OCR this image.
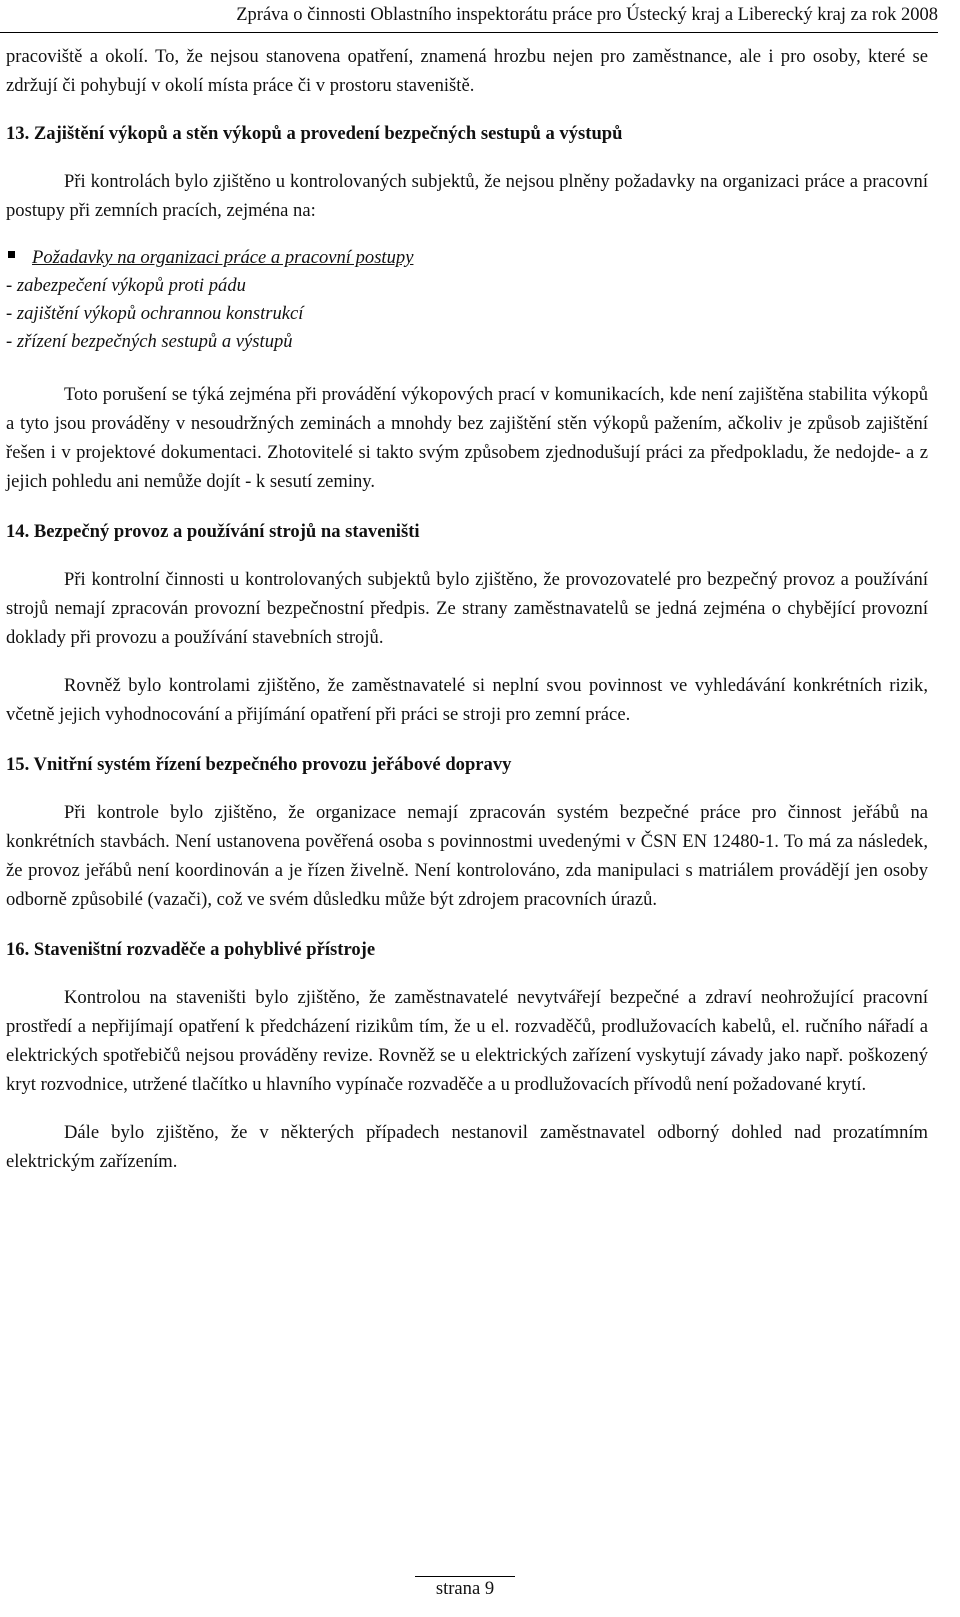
Zpráva o činnosti Oblastního inspektorátu práce pro Ústecký kraj a Liberecký kraj za rok 2008

pracoviště a okolí. To, že nejsou stanovena opatření, znamená hrozbu nejen pro zaměstnance, ale i pro osoby, které se zdržují či pohybují v okolí místa práce či v prostoru staveniště.

13. Zajištění výkopů a stěn výkopů a provedení bezpečných sestupů a výstupů

Při kontrolách bylo zjištěno u kontrolovaných subjektů, že nejsou plněny požadavky na organizaci práce a pracovní postupy při zemních pracích, zejména na:

Požadavky na organizaci práce a pracovní postupy

- zabezpečení výkopů proti pádu

- zajištění výkopů ochrannou konstrukcí

- zřízení bezpečných sestupů a výstupů

Toto porušení se týká zejména při provádění výkopových prací v komunikacích, kde není zajištěna stabilita výkopů a tyto jsou prováděny v nesoudržných zeminách a mnohdy bez zajištění stěn výkopů pažením, ačkoliv je způsob zajištění řešen i v projektové dokumentaci. Zhotovitelé si takto svým způsobem zjednodušují práci za předpokladu, že nedojde- a z jejich pohledu ani nemůže dojít - k sesutí zeminy.

14. Bezpečný provoz a používání strojů na staveništi

Při kontrolní činnosti u kontrolovaných subjektů bylo zjištěno, že provozovatelé pro bezpečný provoz a používání strojů nemají zpracován provozní bezpečnostní předpis. Ze strany zaměstnavatelů se jedná zejména o chybějící provozní doklady při provozu a používání stavebních strojů.

Rovněž bylo kontrolami zjištěno, že zaměstnavatelé si neplní svou povinnost ve vyhledávání konkrétních rizik, včetně jejich vyhodnocování a přijímání opatření při práci se stroji pro zemní práce.

15. Vnitřní systém řízení bezpečného provozu jeřábové dopravy

Při kontrole bylo zjištěno, že organizace nemají zpracován systém bezpečné práce pro činnost jeřábů na konkrétních stavbách. Není ustanovena pověřená osoba s povinnostmi uvedenými v ČSN EN 12480-1. To má za následek, že provoz jeřábů není koordinován a je řízen živelně. Není kontrolováno, zda manipulaci s matriálem provádějí jen osoby odborně způsobilé (vazači), což ve svém důsledku může být zdrojem pracovních úrazů.

16. Staveništní rozvaděče a pohyblivé přístroje

Kontrolou na staveništi bylo zjištěno, že zaměstnavatelé nevytvářejí bezpečné a zdraví neohrožující pracovní prostředí a nepřijímají opatření k předcházení rizikům tím, že u el. rozvaděčů, prodlužovacích kabelů, el. ručního nářadí a elektrických spotřebičů nejsou prováděny revize. Rovněž se u elektrických zařízení vyskytují závady jako např. poškozený kryt rozvodnice, utržené tlačítko u hlavního vypínače rozvaděče a u prodlužovacích přívodů není požadované krytí.

Dále bylo zjištěno, že v některých případech nestanovil zaměstnavatel odborný dohled nad prozatímním elektrickým zařízením.

strana 9
